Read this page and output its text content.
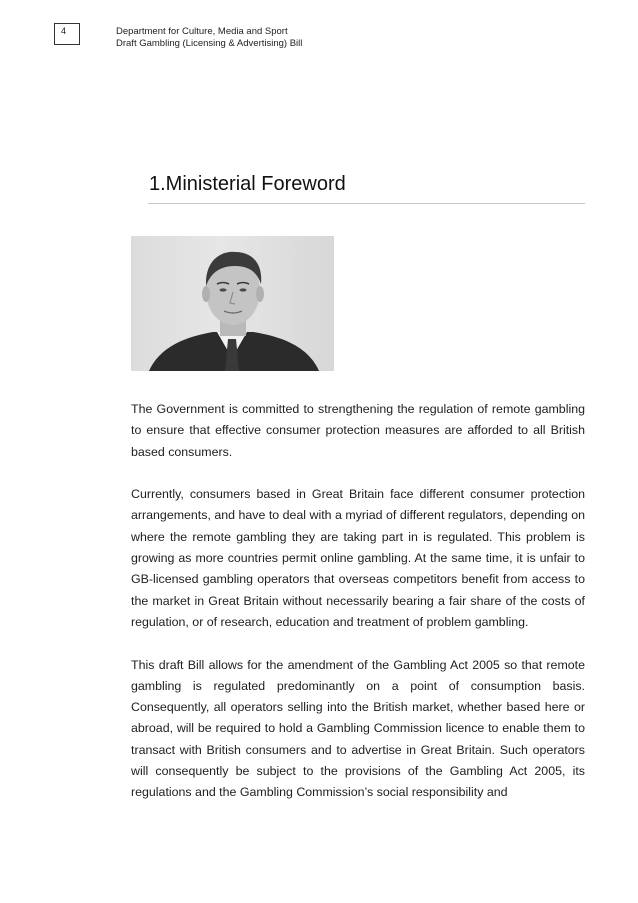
4	Department for Culture, Media and Sport
Draft Gambling (Licensing & Advertising) Bill
1.Ministerial Foreword

The Government is committed to strengthening the regulation of remote gambling to ensure that effective consumer protection measures are afforded to all British based consumers.

Currently, consumers based in Great Britain face different consumer protection arrangements, and have to deal with a myriad of different regulators, depending on where the remote gambling they are taking part in is regulated. This problem is growing as more countries permit online gambling. At the same time, it is unfair to GB-licensed gambling operators that overseas competitors benefit from access to the market in Great Britain without necessarily bearing a fair share of the costs of regulation, or of research, education and treatment of problem gambling.

This draft Bill allows for the amendment of the Gambling Act 2005 so that remote gambling is regulated predominantly on a point of consumption basis. Consequently, all operators selling into the British market, whether based here or abroad, will be required to hold a Gambling Commission licence to enable them to transact with British consumers and to advertise in Great Britain. Such operators will consequently be subject to the provisions of the Gambling Act 2005, its regulations and the Gambling Commission’s social responsibility and
